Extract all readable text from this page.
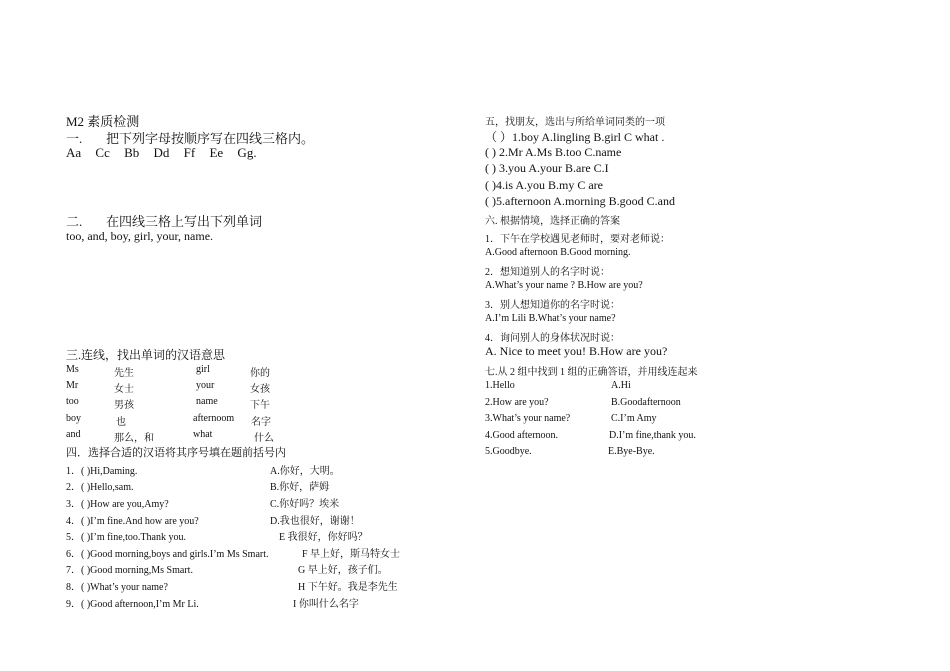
M2 素质检测
一. 把下列字母按顺序写在四线三格内。
Aa Cc Bb Dd Ff Ee Gg.
二. 在四线三格上写出下列单词
too, and, boy, girl, your, name.
三.连线，找出单词的汉语意思
Ms	先生	girl	你的
Mr	女士	your	女孩
too	男孩	name	下午
boy	也	afternoom 名字
and	那么，和	what	什么
四．选择合适的汉语将其序号填在题前括号内
1．( )Hi,Daming.	A.你好，大明。
2．( )Hello,sam.	B.你好，萨姆
3．( )How are you,Amy?	C.你好吗？埃米
4．( )I’m fine.And how are you?	D.我也很好，谢谢！
5．( )I’m fine,too.Thank you.	E 我很好，你好吗？
6．( )Good morning,boys and girls.I’m Ms Smart.	F 早上好，斯马特女士
7．( )Good morning,Ms Smart.	G 早上好，孩子们。
8．( )What’s your name?	H 下午好。我是李先生
9．( )Good afternoon,I’m Mr Li.	I 你叫什么名字
五，找朋友，选出与所给单词同类的一项
（ ）1.boy A.lingling B.girl C what .
( ) 2.Mr A.Ms B.too C.name
( ) 3.you A.your B.are C.I
( )4.is A.you B.my C are
( )5.afternoon A.morning B.good C.and
六. 根据情境，选择正确的答案
1．下午在学校遇见老师时，要对老师说：
A.Good afternoon B.Good morning.
2．想知道别人的名字时说：
A.What’s your name ? B.How are you?
3．别人想知道你的名字时说：
A.I’m Lili B.What’s your name?
4．询问别人的身体状况时说：
A. Nice to meet you! B.How are you?
七.从 2 组中找到 1 组的正确答语，并用线连起来
1.Hello	A.Hi
2.How are you?	B.Goodafternoon
3.What’s your name?	C.I’m Amy
4.Good afternoon.	D.I’m fine,thank you.
5.Goodbye.	E.Bye-Bye.
